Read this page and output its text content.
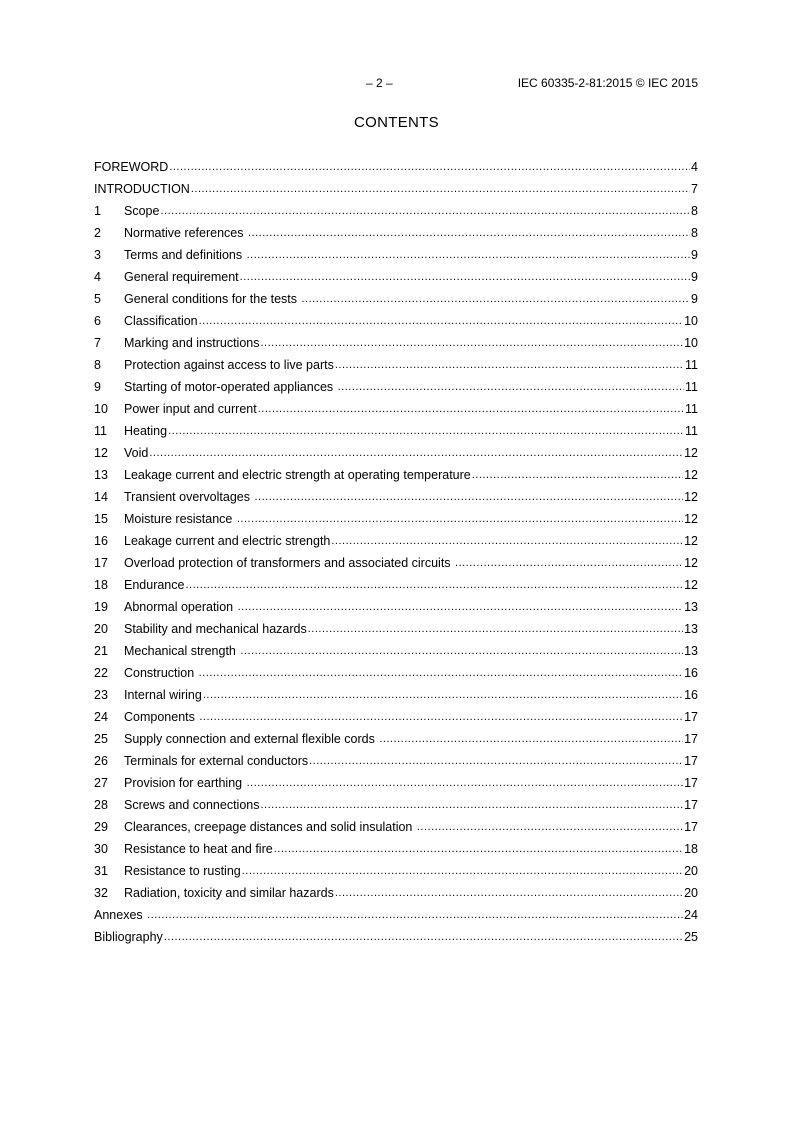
– 2 –	IEC 60335-2-81:2015 © IEC 2015
CONTENTS
FOREWORD .....	4
INTRODUCTION .....	7
1	Scope .....	8
2	Normative references .....	8
3	Terms and definitions .....	9
4	General requirement .....	9
5	General conditions for the tests .....	9
6	Classification .....	10
7	Marking and instructions .....	10
8	Protection against access to live parts .....	11
9	Starting of motor-operated appliances .....	11
10	Power input and current .....	11
11	Heating .....	11
12	Void .....	12
13	Leakage current and electric strength at operating temperature .....	12
14	Transient overvoltages .....	12
15	Moisture resistance .....	12
16	Leakage current and electric strength .....	12
17	Overload protection of transformers and associated circuits .....	12
18	Endurance .....	12
19	Abnormal operation .....	13
20	Stability and mechanical hazards .....	13
21	Mechanical strength .....	13
22	Construction .....	16
23	Internal wiring .....	16
24	Components .....	17
25	Supply connection and external flexible cords .....	17
26	Terminals for external conductors .....	17
27	Provision for earthing .....	17
28	Screws and connections .....	17
29	Clearances, creepage distances and solid insulation .....	17
30	Resistance to heat and fire .....	18
31	Resistance to rusting .....	20
32	Radiation, toxicity and similar hazards .....	20
Annexes .....	24
Bibliography .....	25
